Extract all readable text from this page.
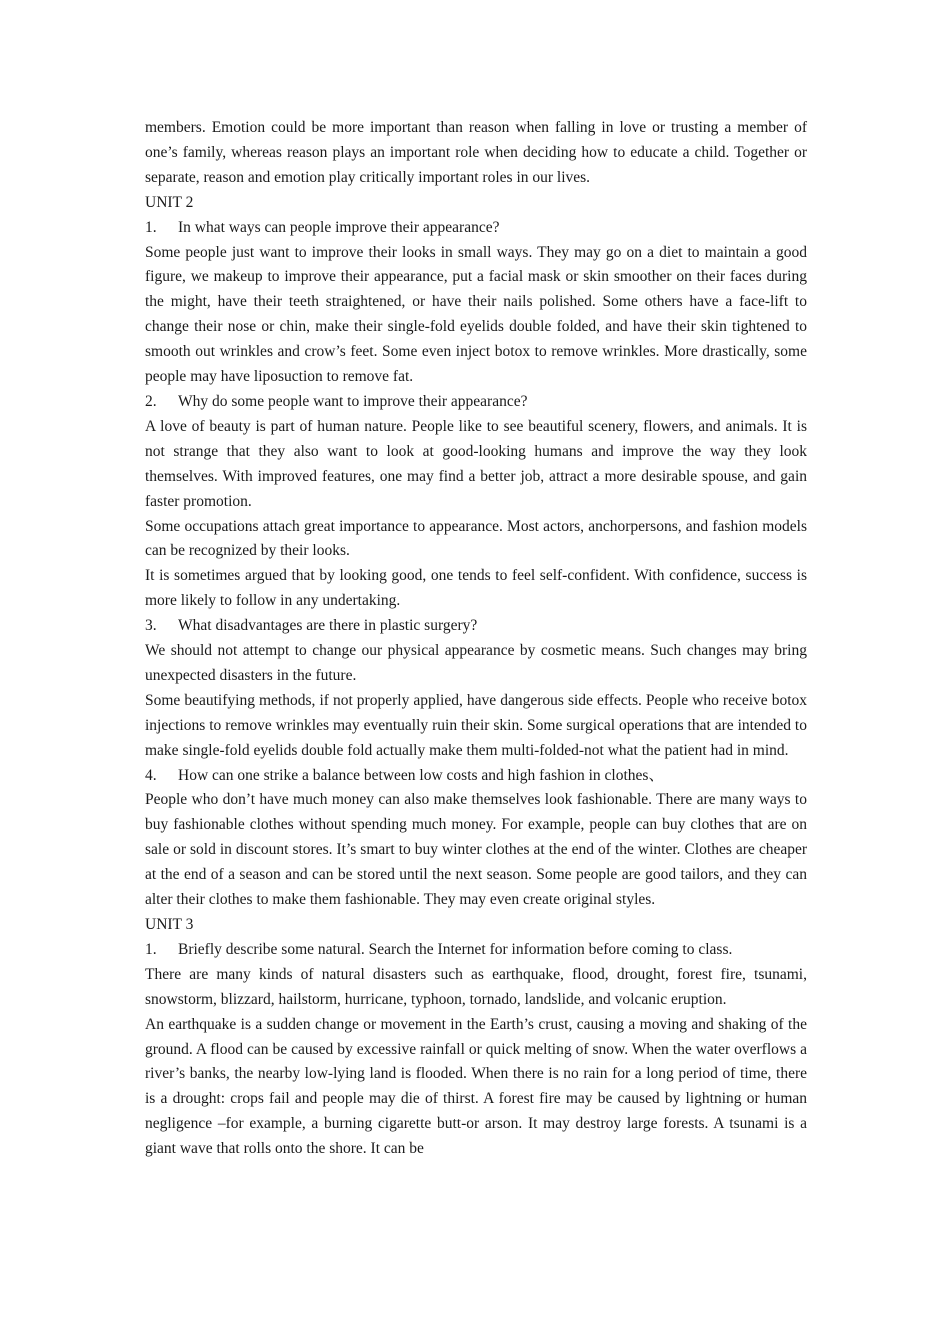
members. Emotion could be more important than reason when falling in love or trusting a member of one’s family, whereas reason plays an important role when deciding how to educate a child. Together or separate, reason and emotion play critically important roles in our lives.

UNIT 2

1.	In what ways can people improve their appearance?

Some people just want to improve their looks in small ways. They may go on a diet to maintain a good figure, we makeup to improve their appearance, put a facial mask or skin smoother on their faces during the might, have their teeth straightened, or have their nails polished. Some others have a face-lift to change their nose or chin, make their single-fold eyelids double folded, and have their skin tightened to smooth out wrinkles and crow’s feet. Some even inject botox to remove wrinkles. More drastically, some people may have liposuction to remove fat.

2.	Why do some people want to improve their appearance?

A love of beauty is part of human nature. People like to see beautiful scenery, flowers, and animals. It is not strange that they also want to look at good-looking humans and improve the way they look themselves. With improved features, one may find a better job, attract a more desirable spouse, and gain faster promotion.

Some occupations attach great importance to appearance. Most actors, anchorpersons, and fashion models can be recognized by their looks.

It is sometimes argued that by looking good, one tends to feel self-confident. With confidence, success is more likely to follow in any undertaking.

3.	What disadvantages are there in plastic surgery?

We should not attempt to change our physical appearance by cosmetic means. Such changes may bring unexpected disasters in the future.

Some beautifying methods, if not properly applied, have dangerous side effects. People who receive botox injections to remove wrinkles may eventually ruin their skin. Some surgical operations that are intended to make single-fold eyelids double fold actually make them multi-folded-not what the patient had in mind.

4.	How can one strike a balance between low costs and high fashion in clothes、

People who don’t have much money can also make themselves look fashionable. There are many ways to buy fashionable clothes without spending much money. For example, people can buy clothes that are on sale or sold in discount stores. It’s smart to buy winter clothes at the end of the winter. Clothes are cheaper at the end of a season and can be stored until the next season. Some people are good tailors, and they can alter their clothes to make them fashionable. They may even create original styles.

UNIT 3

1.	Briefly describe some natural. Search the Internet for information before coming to class.

There are many kinds of natural disasters such as earthquake, flood, drought, forest fire, tsunami, snowstorm, blizzard, hailstorm, hurricane, typhoon, tornado, landslide, and volcanic eruption.

An earthquake is a sudden change or movement in the Earth’s crust, causing a moving and shaking of the ground. A flood can be caused by excessive rainfall or quick melting of snow. When the water overflows a river’s banks, the nearby low-lying land is flooded. When there is no rain for a long period of time, there is a drought: crops fail and people may die of thirst. A forest fire may be caused by lightning or human negligence –for example, a burning cigarette butt-or arson. It may destroy large forests. A tsunami is a giant wave that rolls onto the shore. It can be
